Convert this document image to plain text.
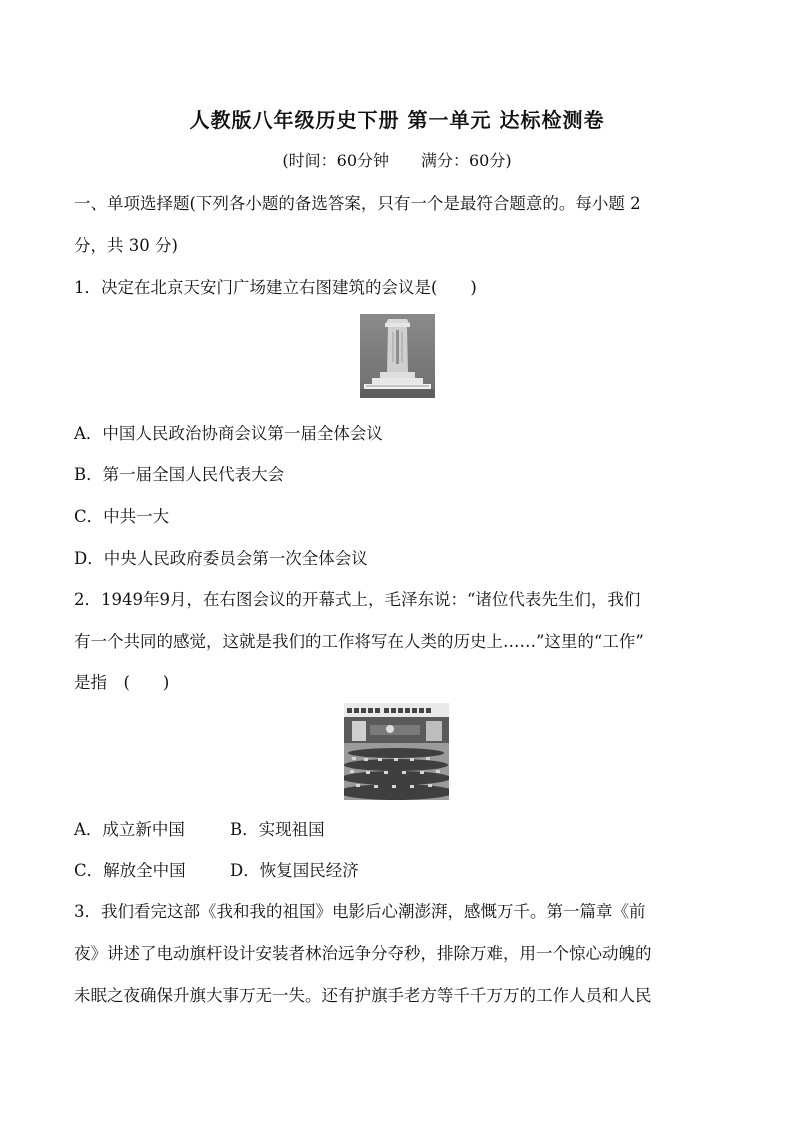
人教版八年级历史下册 第一单元 达标检测卷
(时间：60分钟　　满分：60分)
一、单项选择题(下列各小题的备选答案，只有一个是最符合题意的。每小题 2
分，共 30 分)
1．决定在北京天安门广场建立右图建筑的会议是(　　)
A．中国人民政治协商会议第一届全体会议
B．第一届全国人民代表大会
C．中共一大
D．中央人民政府委员会第一次全体会议
2．1949年9月，在右图会议的开幕式上，毛泽东说：“诸位代表先生们，我们
有一个共同的感觉，这就是我们的工作将写在人类的历史上……”这里的“工作”
是指　(　　)
A．成立新中国	B．实现祖国
C．解放全中国	D．恢复国民经济
3．我们看完这部《我和我的祖国》电影后心潮澎湃，感慨万千。第一篇章《前
夜》讲述了电动旗杆设计安装者林治远争分夺秒，排除万难，用一个惊心动魄的
未眠之夜确保升旗大事万无一失。还有护旗手老方等千千万万的工作人员和人民
